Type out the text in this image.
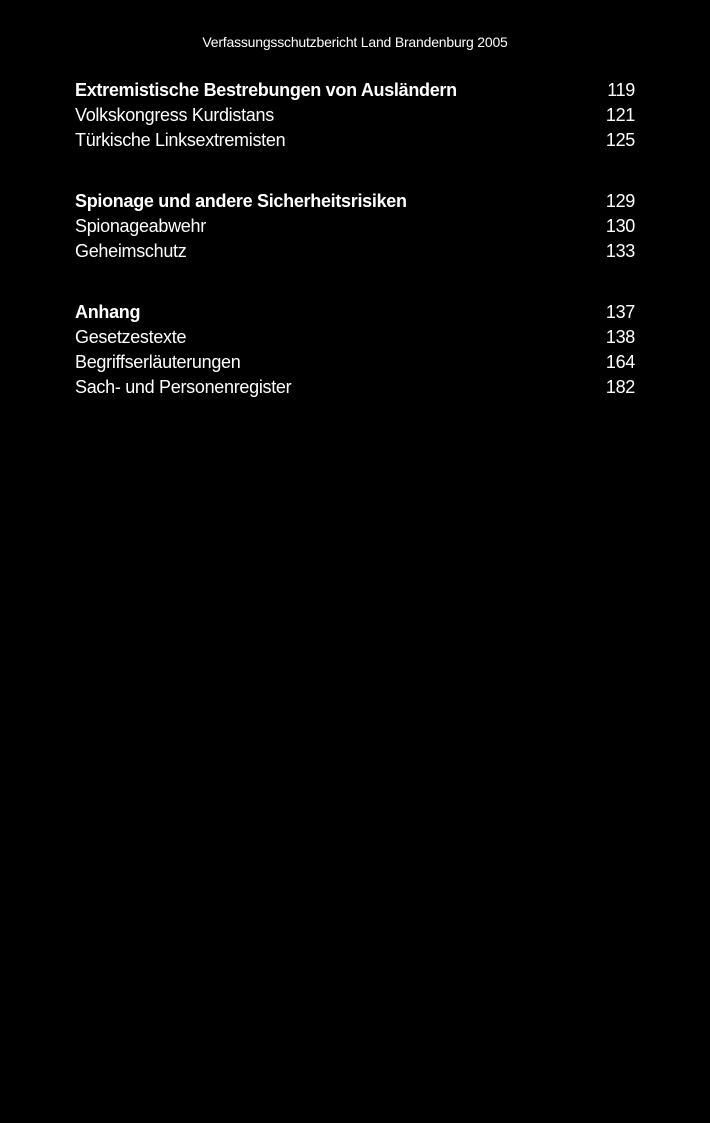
Verfassungsschutzbericht Land Brandenburg 2005
Extremistische Bestrebungen von Ausländern	119
Volkskongress Kurdistans	121
Türkische Linksextremisten	125
Spionage und andere Sicherheitsrisiken	129
Spionageabwehr	130
Geheimschutz	133
Anhang	137
Gesetzestexte	138
Begriffserläuterungen	164
Sach- und Personenregister	182
